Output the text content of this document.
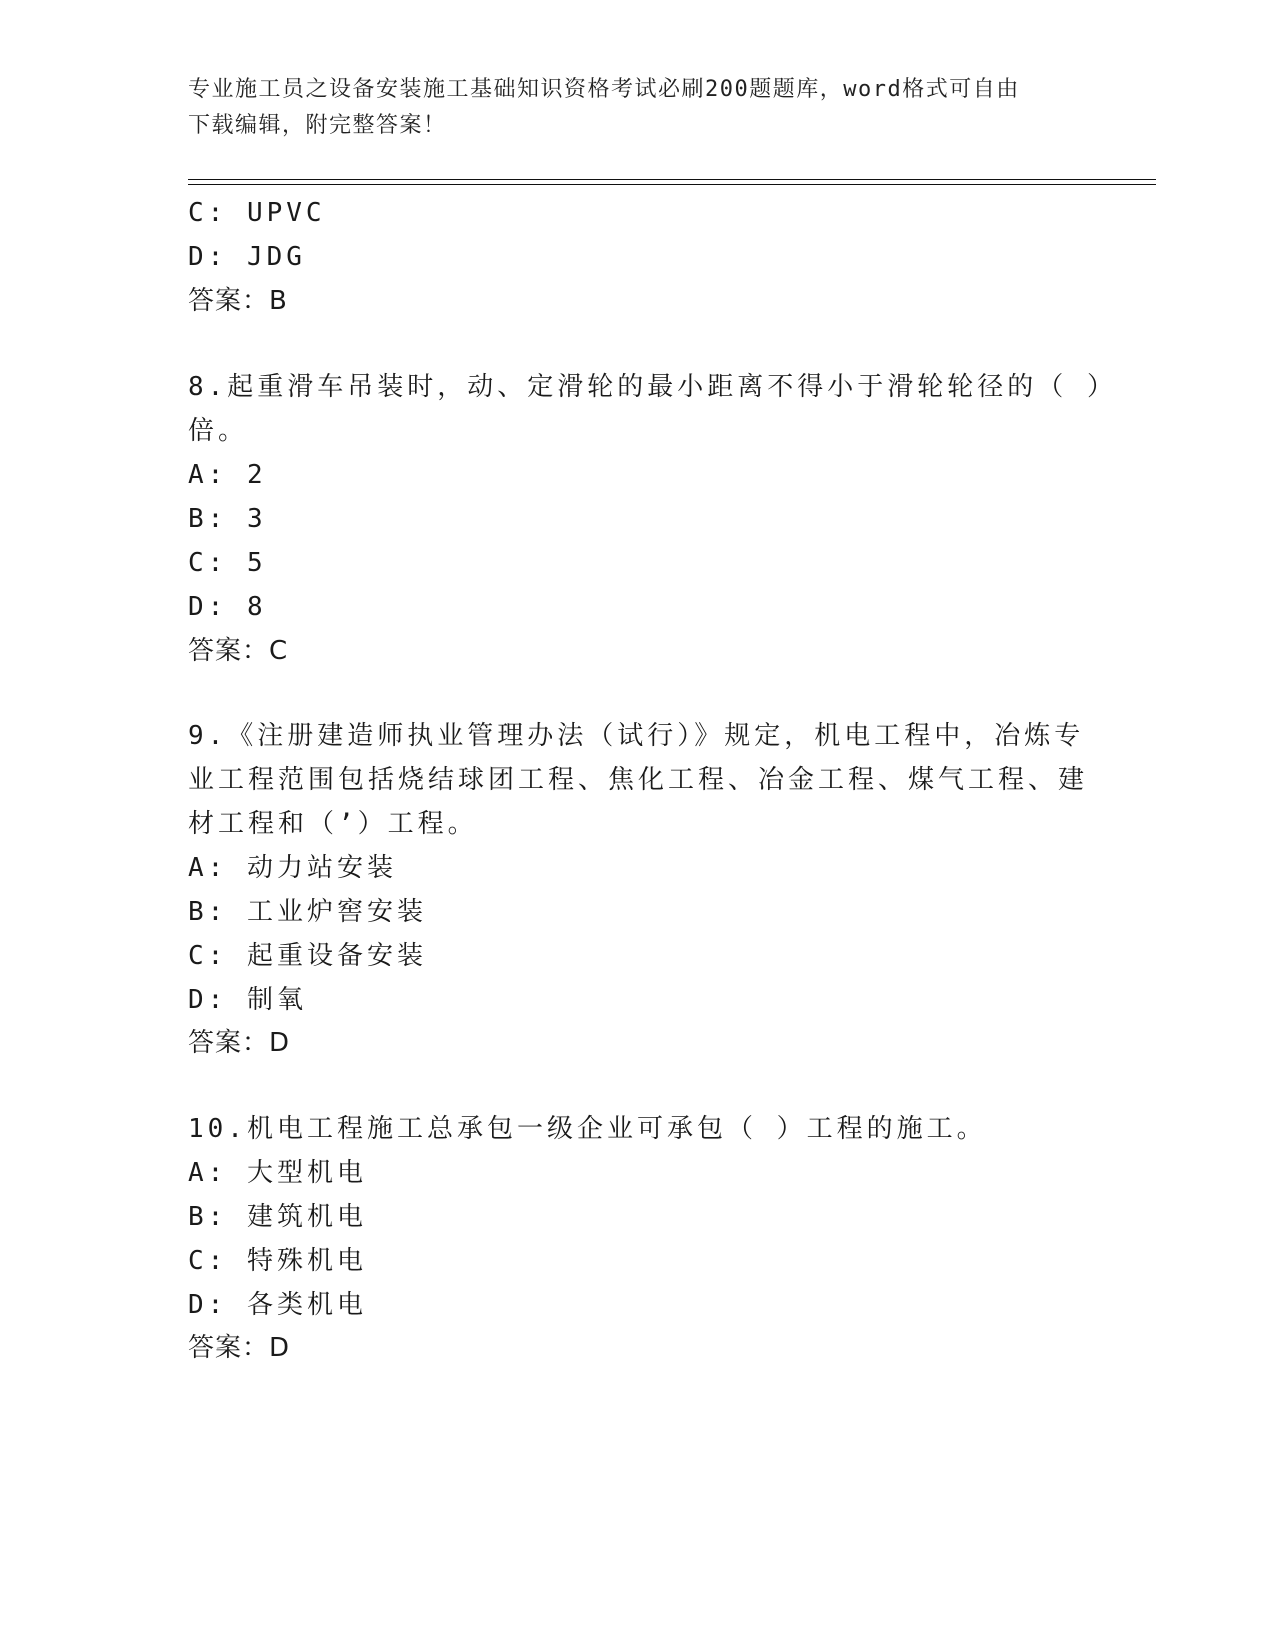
专业施工员之设备安装施工基础知识资格考试必刷200题题库，word格式可自由
下载编辑，附完整答案！
C: UPVC
D: JDG
答案：B
8.起重滑车吊装时，动、定滑轮的最小距离不得小于滑轮轮径的（ ）
倍。
A: 2
B: 3
C: 5
D: 8
答案：C
9.《注册建造师执业管理办法（试行）》规定，机电工程中，冶炼专
业工程范围包括烧结球团工程、焦化工程、冶金工程、煤气工程、建
材工程和（’）工程。
A: 动力站安装
B: 工业炉窖安装
C: 起重设备安装
D: 制氧
答案：D
10.机电工程施工总承包一级企业可承包（ ）工程的施工。
A: 大型机电
B: 建筑机电
C: 特殊机电
D: 各类机电
答案：D
